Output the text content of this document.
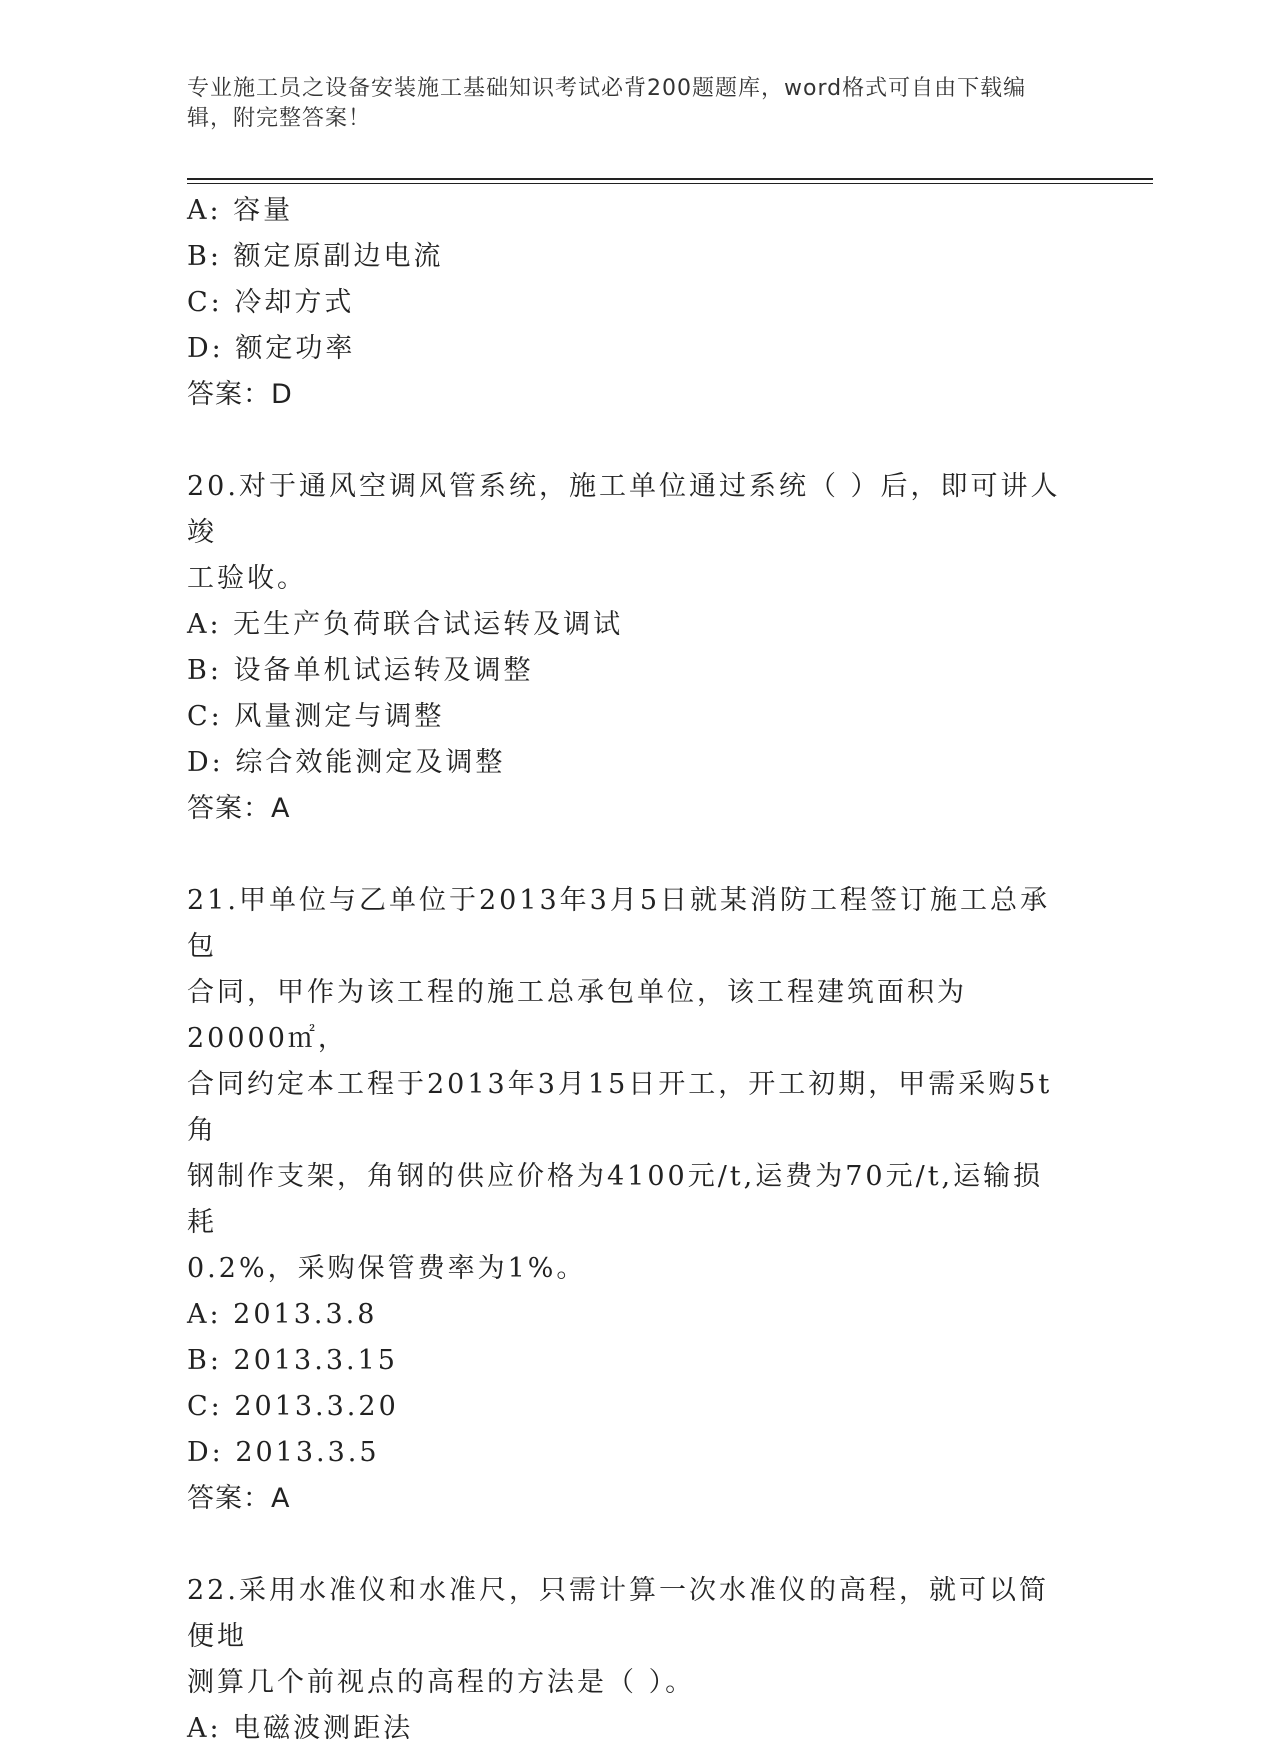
专业施工员之设备安装施工基础知识考试必背200题题库，word格式可自由下载编辑，附完整答案！
A: 容量
B: 额定原副边电流
C: 冷却方式
D: 额定功率
答案：D
20.对于通风空调风管系统，施工单位通过系统（ ）后，即可讲人竣
工验收。
A: 无生产负荷联合试运转及调试
B: 设备单机试运转及调整
C: 风量测定与调整
D: 综合效能测定及调整
答案：A
21.甲单位与乙单位于2013年3月5日就某消防工程签订施工总承包
合同，甲作为该工程的施工总承包单位，该工程建筑面积为20000㎡，
合同约定本工程于2013年3月15日开工，开工初期，甲需采购5t角
钢制作支架，角钢的供应价格为4100元/t,运费为70元/t,运输损耗
0.2%，采购保管费率为1%。
A: 2013.3.8
B: 2013.3.15
C: 2013.3.20
D: 2013.3.5
答案：A
22.采用水准仪和水准尺，只需计算一次水准仪的高程，就可以简便地
测算几个前视点的高程的方法是（ ）。
A: 电磁波测距法
